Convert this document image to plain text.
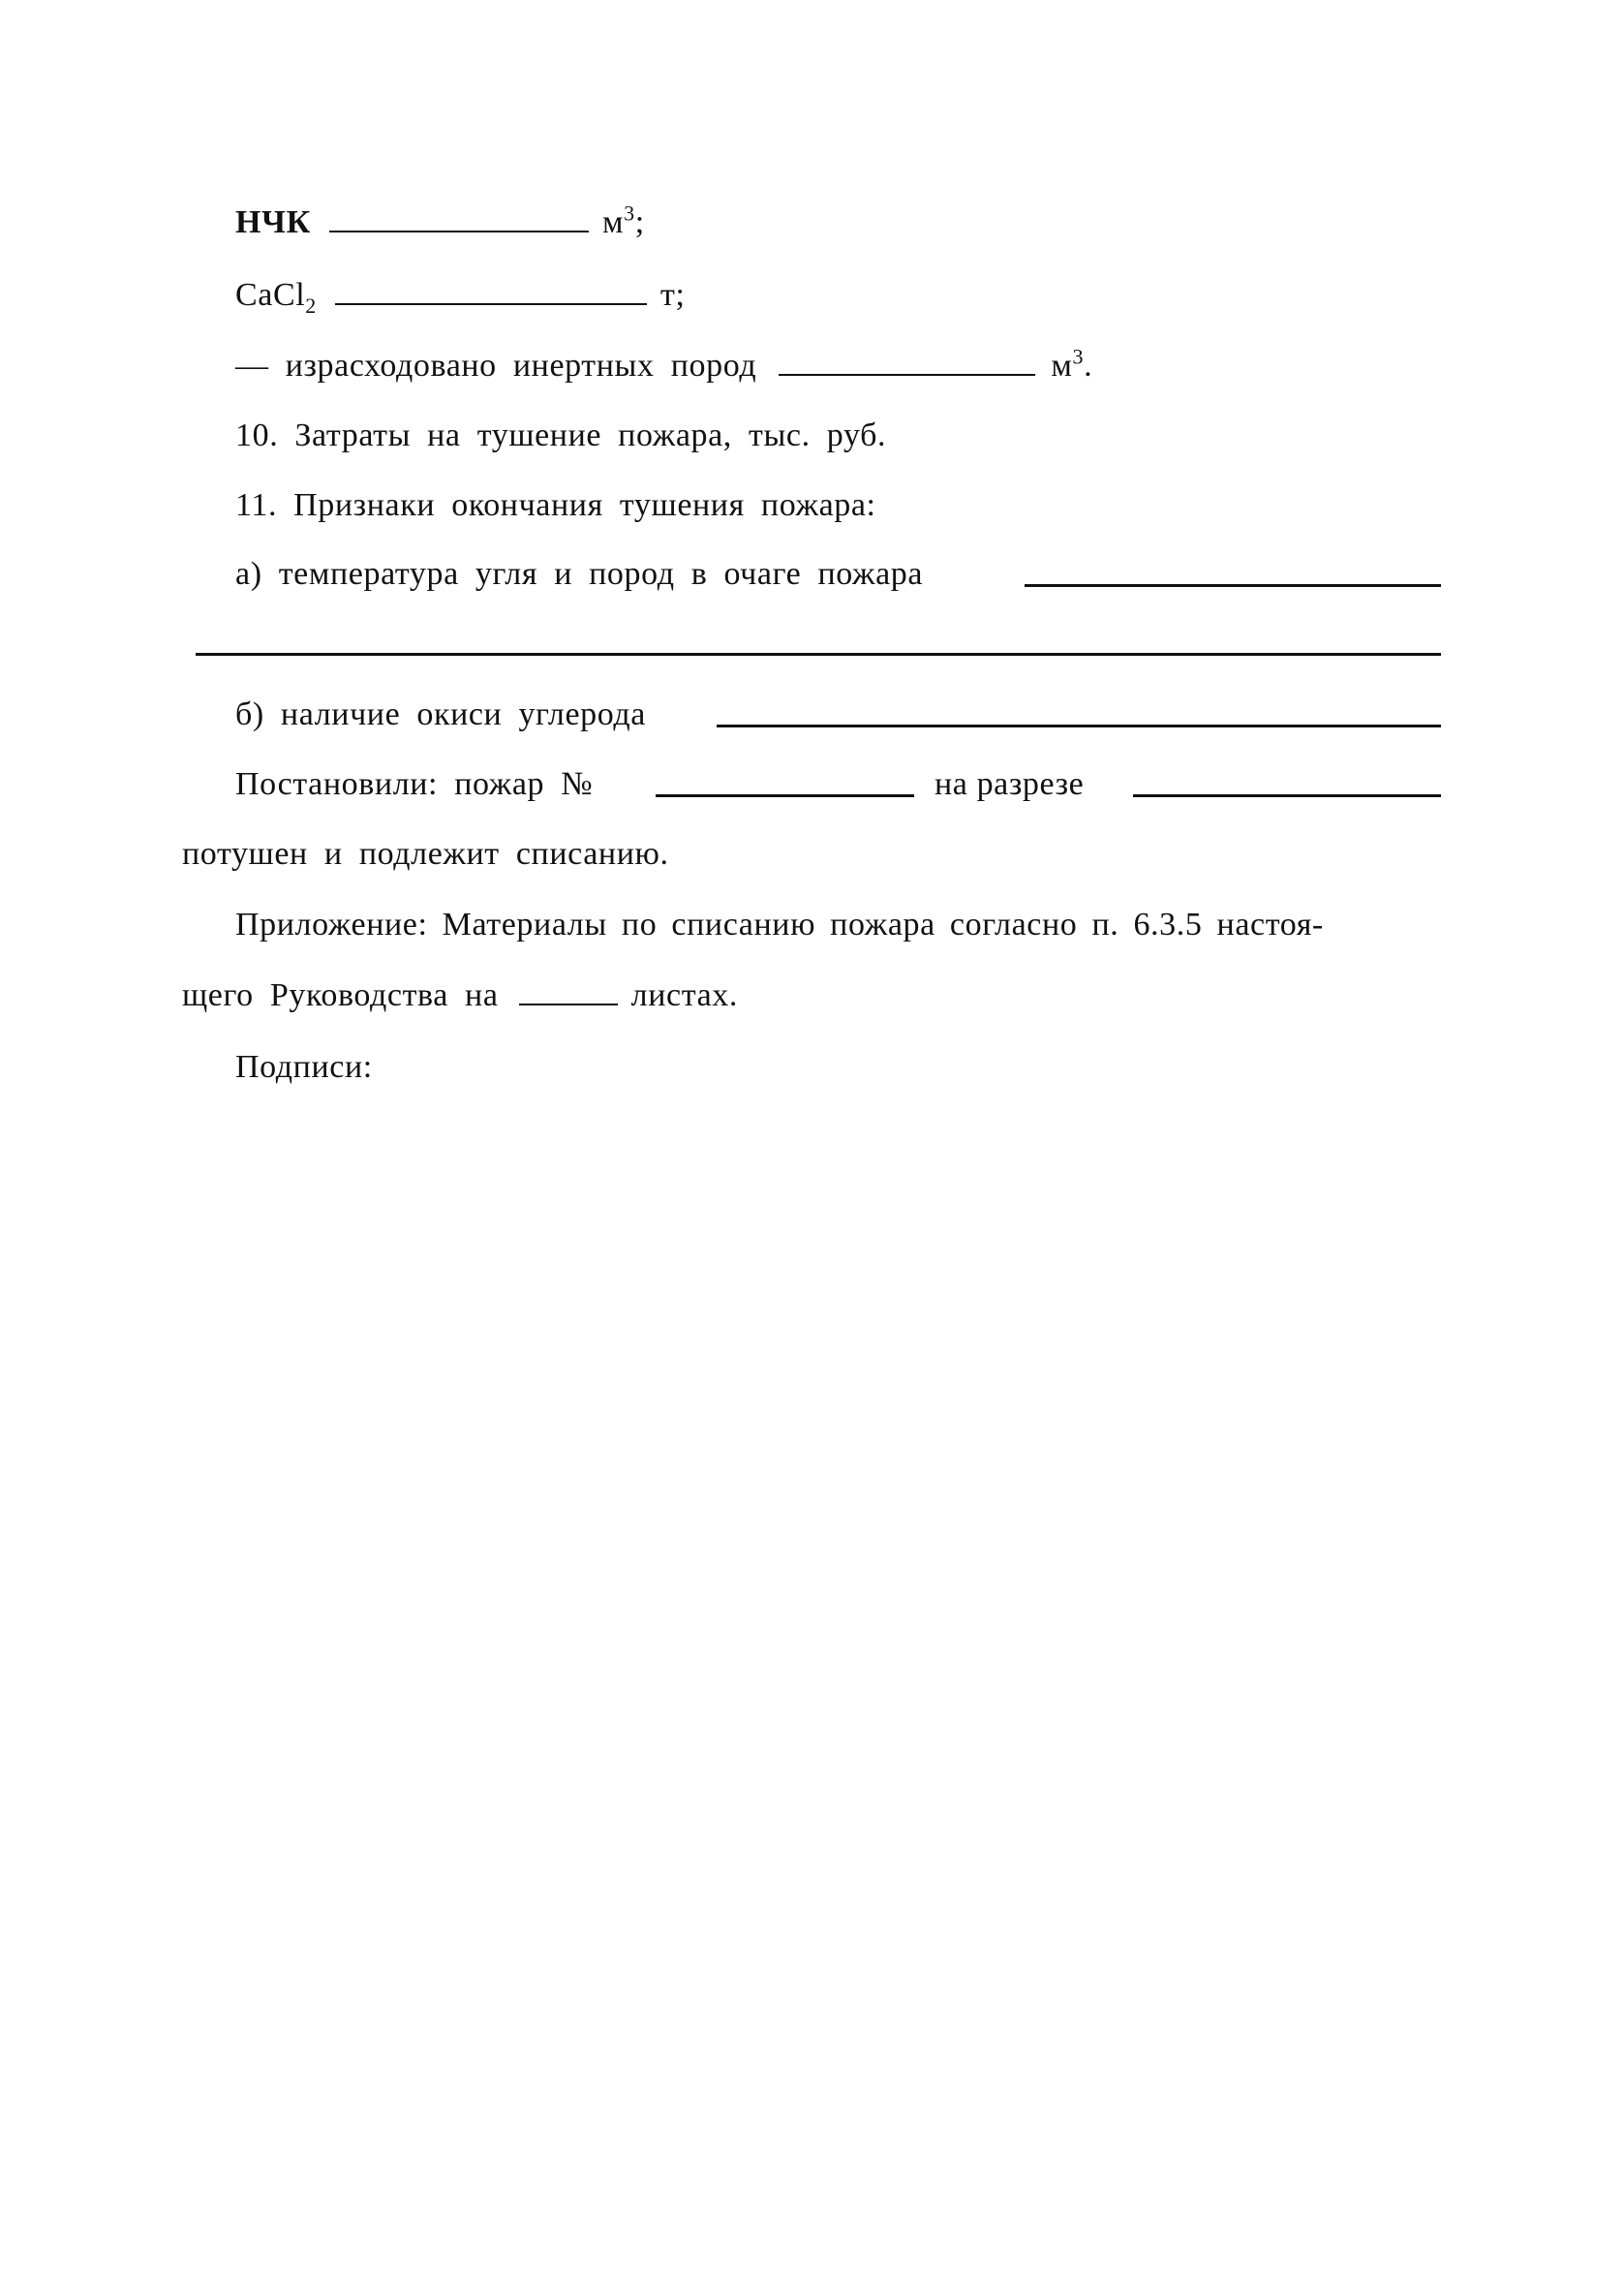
НЧК	$м^3$;
CaCl$_2$	т;
— израсходовано инертных пород	$м^3$.
10. Затраты на тушение пожара, тыс. руб.
11. Признаки окончания тушения пожара:
а) температура угля и пород в очаге пожара
б) наличие окиси углерода
Постановили: пожар №	на разрезе
потушен и подлежит списанию.
Приложение: Материалы по списанию пожара согласно п. 6.3.5 настоя-
щего Руководства на	листах.
Подписи:
